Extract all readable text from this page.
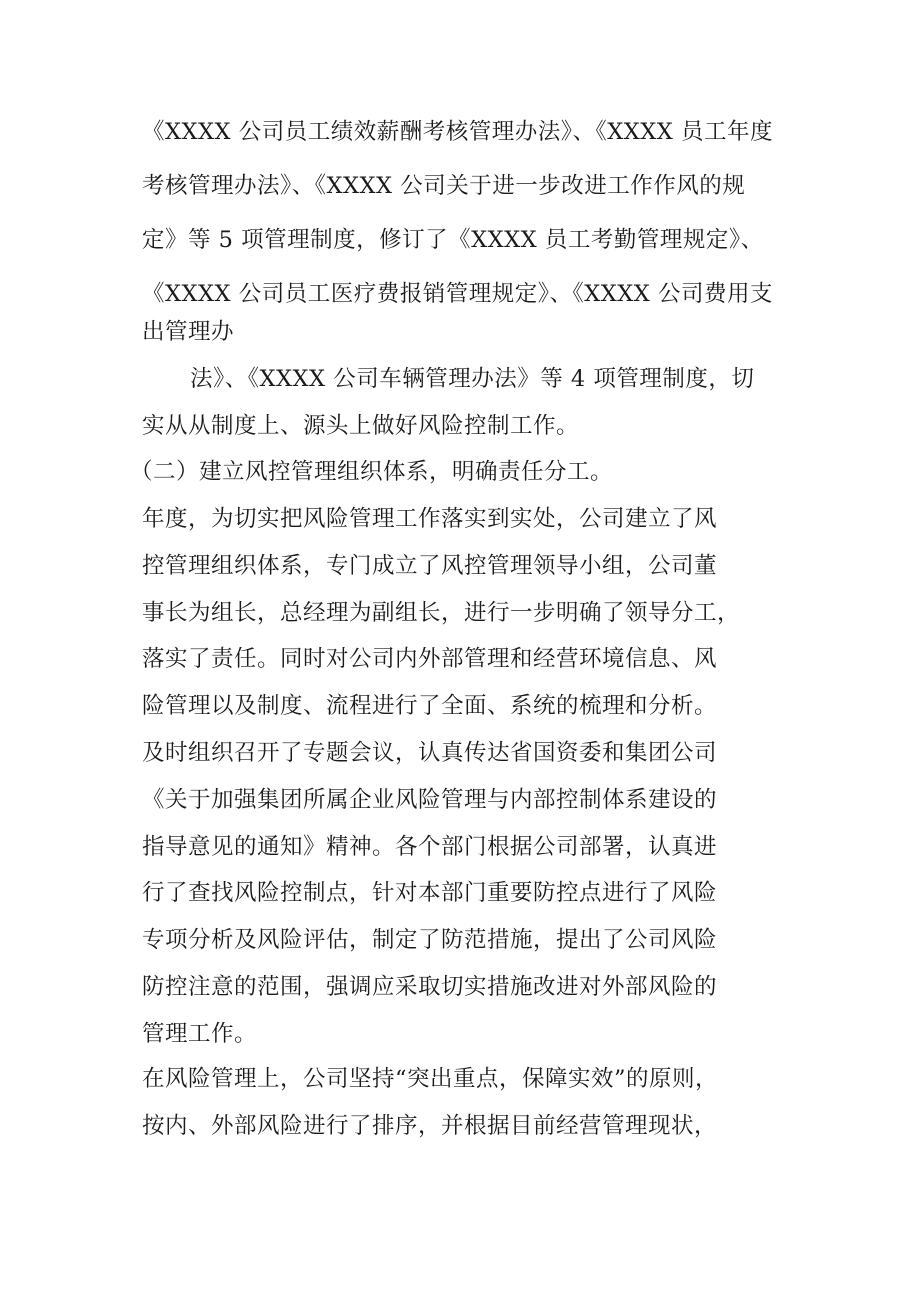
《XXXX 公司员工绩效薪酬考核管理办法》、《XXXX 员工年度
考核管理办法》、《XXXX 公司关于进一步改进工作作风的规
定》等 5 项管理制度，修订了《XXXX 员工考勤管理规定》、
《XXXX 公司员工医疗费报销管理规定》、《XXXX 公司费用支
出管理办
法》、《XXXX 公司车辆管理办法》等 4 项管理制度，切
实从从制度上、源头上做好风险控制工作。
（二）建立风控管理组织体系，明确责任分工。
年度，为切实把风险管理工作落实到实处，公司建立了风
控管理组织体系，专门成立了风控管理领导小组，公司董
事长为组长，总经理为副组长，进行一步明确了领导分工，
落实了责任。同时对公司内外部管理和经营环境信息、风
险管理以及制度、流程进行了全面、系统的梳理和分析。
及时组织召开了专题会议，认真传达省国资委和集团公司
《关于加强集团所属企业风险管理与内部控制体系建设的
指导意见的通知》精神。各个部门根据公司部署，认真进
行了查找风险控制点，针对本部门重要防控点进行了风险
专项分析及风险评估，制定了防范措施，提出了公司风险
防控注意的范围，强调应采取切实措施改进对外部风险的
管理工作。
在风险管理上，公司坚持“突出重点，保障实效”的原则，
按内、外部风险进行了排序，并根据目前经营管理现状，
